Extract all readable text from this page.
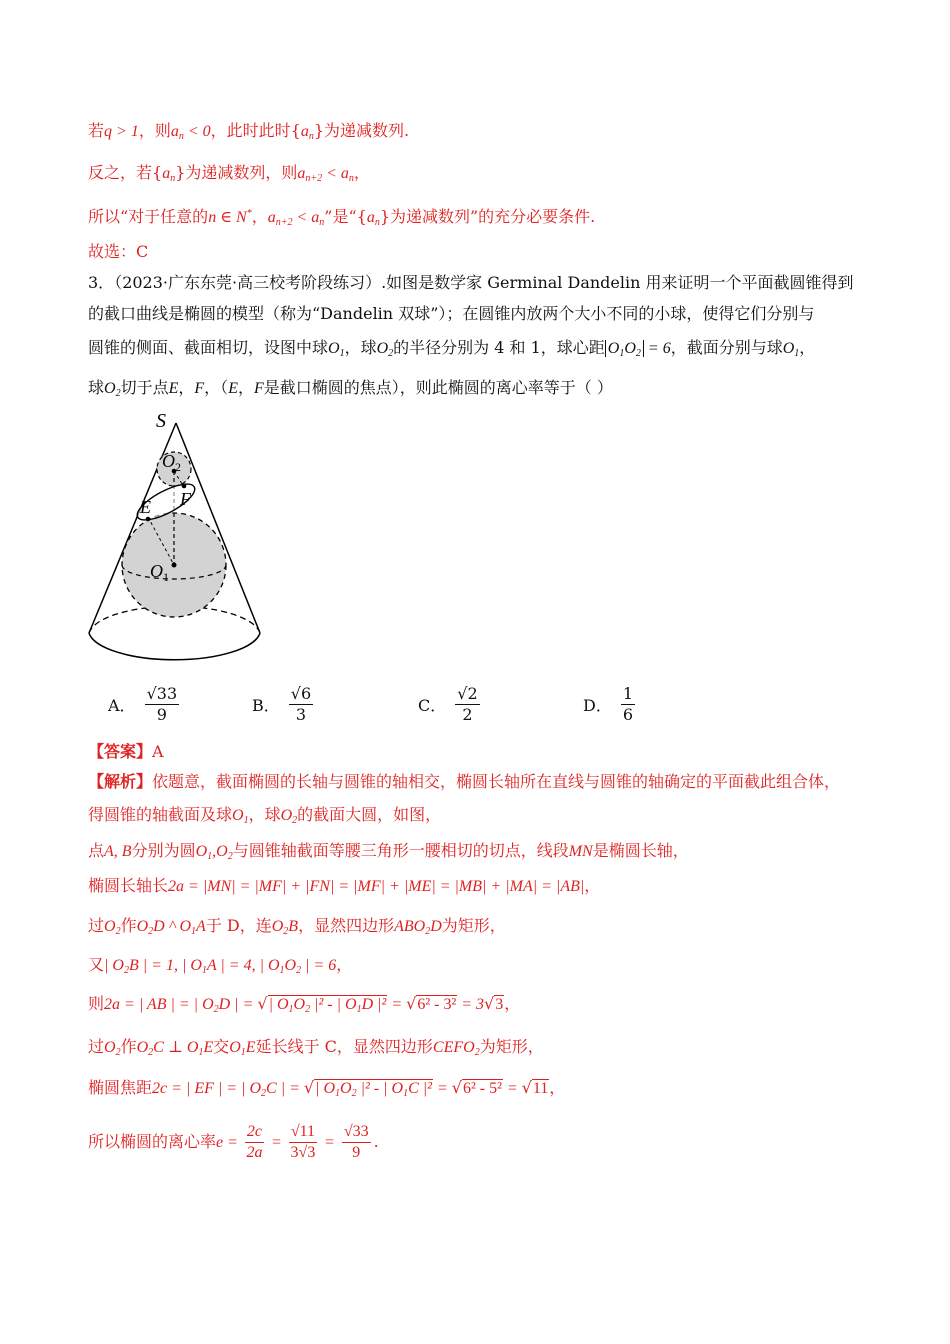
若q > 1，则$a_n < 0$，此时此时$\{a_n\}$为递减数列.
反之，若$\{a_n\}$为递减数列，则$a_{n+2} < a_n$，
所以“对于任意的n ∈ N*，$a_{n+2} < a_n$”是“$\{a_n\}$为递减数列”的充分必要条件.
故选：C
3．（2023·广东东莞·高三校考阶段练习）.如图是数学家 Germinal Dandelin 用来证明一个平面截圆锥得到
的截口曲线是椭圆的模型（称为“Dandelin 双球”）；在圆锥内放两个大小不同的小球，使得它们分别与
圆锥的侧面、截面相切，设图中球$O_1$，球$O_2$的半径分别为 4 和 1，球心距 $O_1O_2 = 6$，截面分别与球$O_1$，
球$O_2$切于点E，F，（E，F是截口椭圆的焦点），则此椭圆的离心率等于（ ）
S
$O_2$
F
E
$O_1$
A． $\frac{√33}{9}$	B． $\frac{√6}{3}$	C． $\frac{√2}{2}$	D． $\frac{1}{6}$
【答案】A
【解析】依题意，截面椭圆的长轴与圆锥的轴相交，椭圆长轴所在直线与圆锥的轴确定的平面截此组合体，
得圆锥的轴截面及球$O_1$，球$O_2$的截面大圆，如图，
点A, B分别为圆$O_1,O_2$与圆锥轴截面等腰三角形一腰相切的切点，线段MN是椭圆长轴，
椭圆长轴长2a = |MN| = |MF| + |FN| = |MF| + |ME| = |MB| + |MA| = |AB|，
过$O_2$作$O_2D$ ^ $O_1A$于 D，连$O_2B$，显然四边形$ABO_2D$为矩形，
又| $O_2B$ | = 1, | $O_1A$ | = 4, | $O_1O_2$ | = 6，
则2a = | AB | = | $O_2D$ | = √| $O_1O_2$ |² - | $O_1D$ |² = √6² - 3² = 3√3，
过$O_2$作$O_2C$ ⊥ $O_1E$交$O_1E$延长线于 C，显然四边形$CEFO_2$为矩形，
椭圆焦距2c = | EF | = | $O_2C$ | = √| $O_1O_2$ |² - | $O_1C$ |² = √6² - 5² = √11，
所以椭圆的离心率$e = \frac{2c}{2a} = \frac{√11}{3√3} = \frac{√33}{9}$ .
